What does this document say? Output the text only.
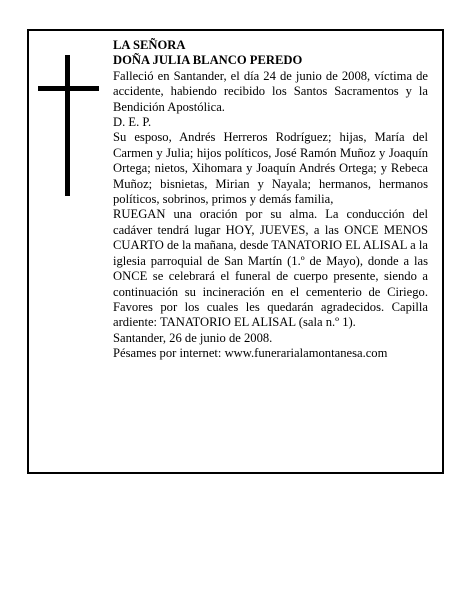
LA SEÑORA

DOÑA JULIA BLANCO PEREDO

Falleció en Santander, el día 24 de junio de 2008, víctima de accidente, habiendo recibido los Santos Sacramentos y la Bendición Apostólica.

D. E. P.

Su esposo, Andrés Herreros Rodríguez; hijas, María del Carmen y Julia; hijos políticos, José Ramón Muñoz y Joaquín Ortega; nietos, Xihomara y Joaquín Andrés Ortega; y Rebeca Muñoz; bisnietas, Mirian y Nayala; hermanos, hermanos políticos, sobrinos, primos y demás familia,

RUEGAN una oración por su alma. La conducción del cadáver tendrá lugar HOY, JUEVES, a las ONCE MENOS CUARTO de la mañana, desde TANATORIO EL ALISAL a la iglesia parroquial de San Martín (1.º de Mayo), donde a las ONCE se celebrará el funeral de cuerpo presente, siendo a continuación su incineración en el cementerio de Ciriego. Favores por los cuales les quedarán agradecidos. Capilla ardiente: TANATORIO EL ALISAL (sala n.º 1).

Santander, 26 de junio de 2008.

Pésames por internet: www.funerarialamontanesa.com
